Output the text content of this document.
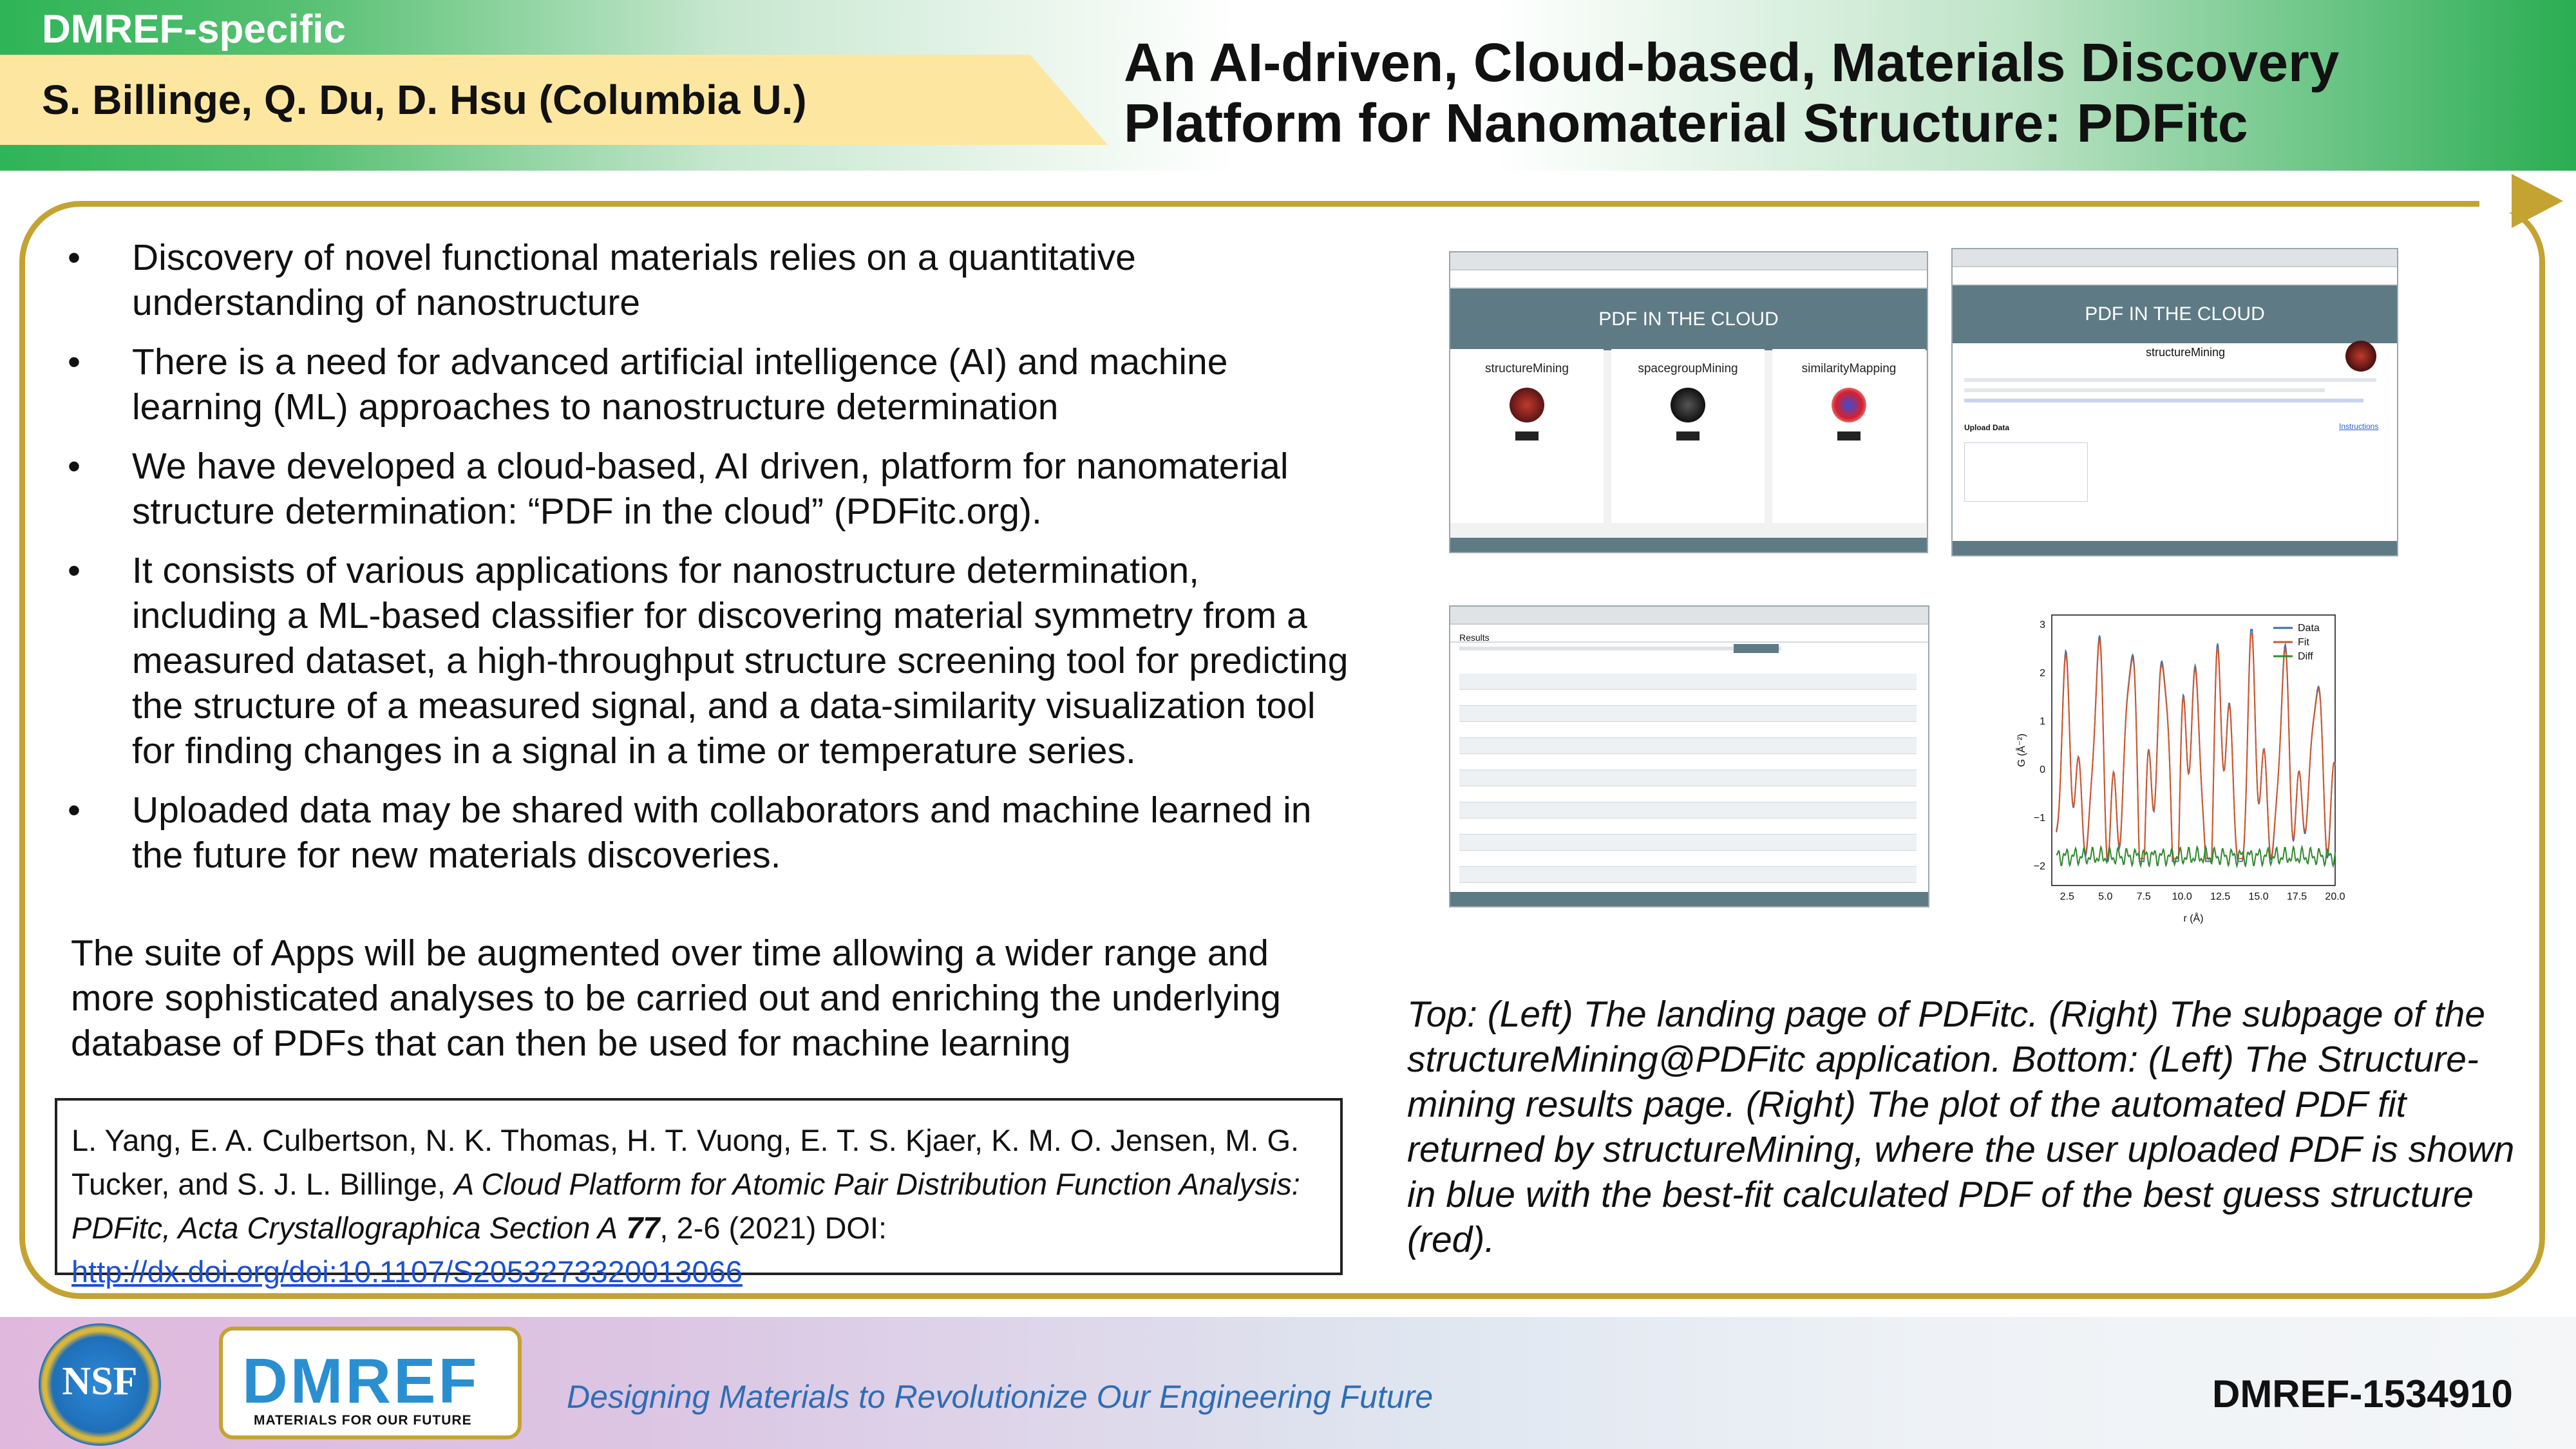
DMREF-specific
S. Billinge, Q. Du, D. Hsu (Columbia U.)
An AI-driven, Cloud-based, Materials Discovery
Platform for Nanomaterial Structure: PDFitc
• Discovery of novel functional materials relies on a quantitative understanding of nanostructure
• There is a need for advanced artificial intelligence (AI) and machine learning (ML) approaches to nanostructure determination
• We have developed a cloud-based, AI driven, platform for nanomaterial structure determination: “PDF in the cloud” (PDFitc.org).
• It consists of various applications for nanostructure determination, including a ML-based classifier for discovering material symmetry from a measured dataset, a high-throughput structure screening tool for predicting the structure of a measured signal, and a data-similarity visualization tool for finding changes in a signal in a time or temperature series.
• Uploaded data may be shared with collaborators and machine learned in the future for new materials discoveries.
The suite of Apps will be augmented over time allowing a wider range and more sophisticated analyses to be carried out and enriching the underlying database of PDFs that can then be used for machine learning
L. Yang, E. A. Culbertson, N. K. Thomas, H. T. Vuong, E. T. S. Kjaer, K. M. O. Jensen, M. G. Tucker, and S. J. L. Billinge, A Cloud Platform for Atomic Pair Distribution Function Analysis: PDFitc, Acta Crystallographica Section A 77, 2-6 (2021) DOI:
http://dx.doi.org/doi:10.1107/S2053273320013066
PDF IN THE CLOUD
structureMining	spacegroupMining	similarityMapping
PDF IN THE CLOUD
structureMining
Upload Data	Instructions
Results
3
2
1
0
−1
−2
2.5 5.0 7.5 10.0 12.5 15.0 17.5 20.0
Data
Fit
Diff
r (Å)
G (Å⁻²)
Top: (Left) The landing page of PDFitc. (Right) The subpage of the structureMining@PDFitc application. Bottom: (Left) The Structure-mining results page. (Right) The plot of the automated PDF fit returned by structureMining, where the user uploaded PDF is shown in blue with the best-fit calculated PDF of the best guess structure (red).
NSF DMREF
MATERIALS FOR OUR FUTURE
Designing Materials to Revolutionize Our Engineering Future	DMREF-1534910
